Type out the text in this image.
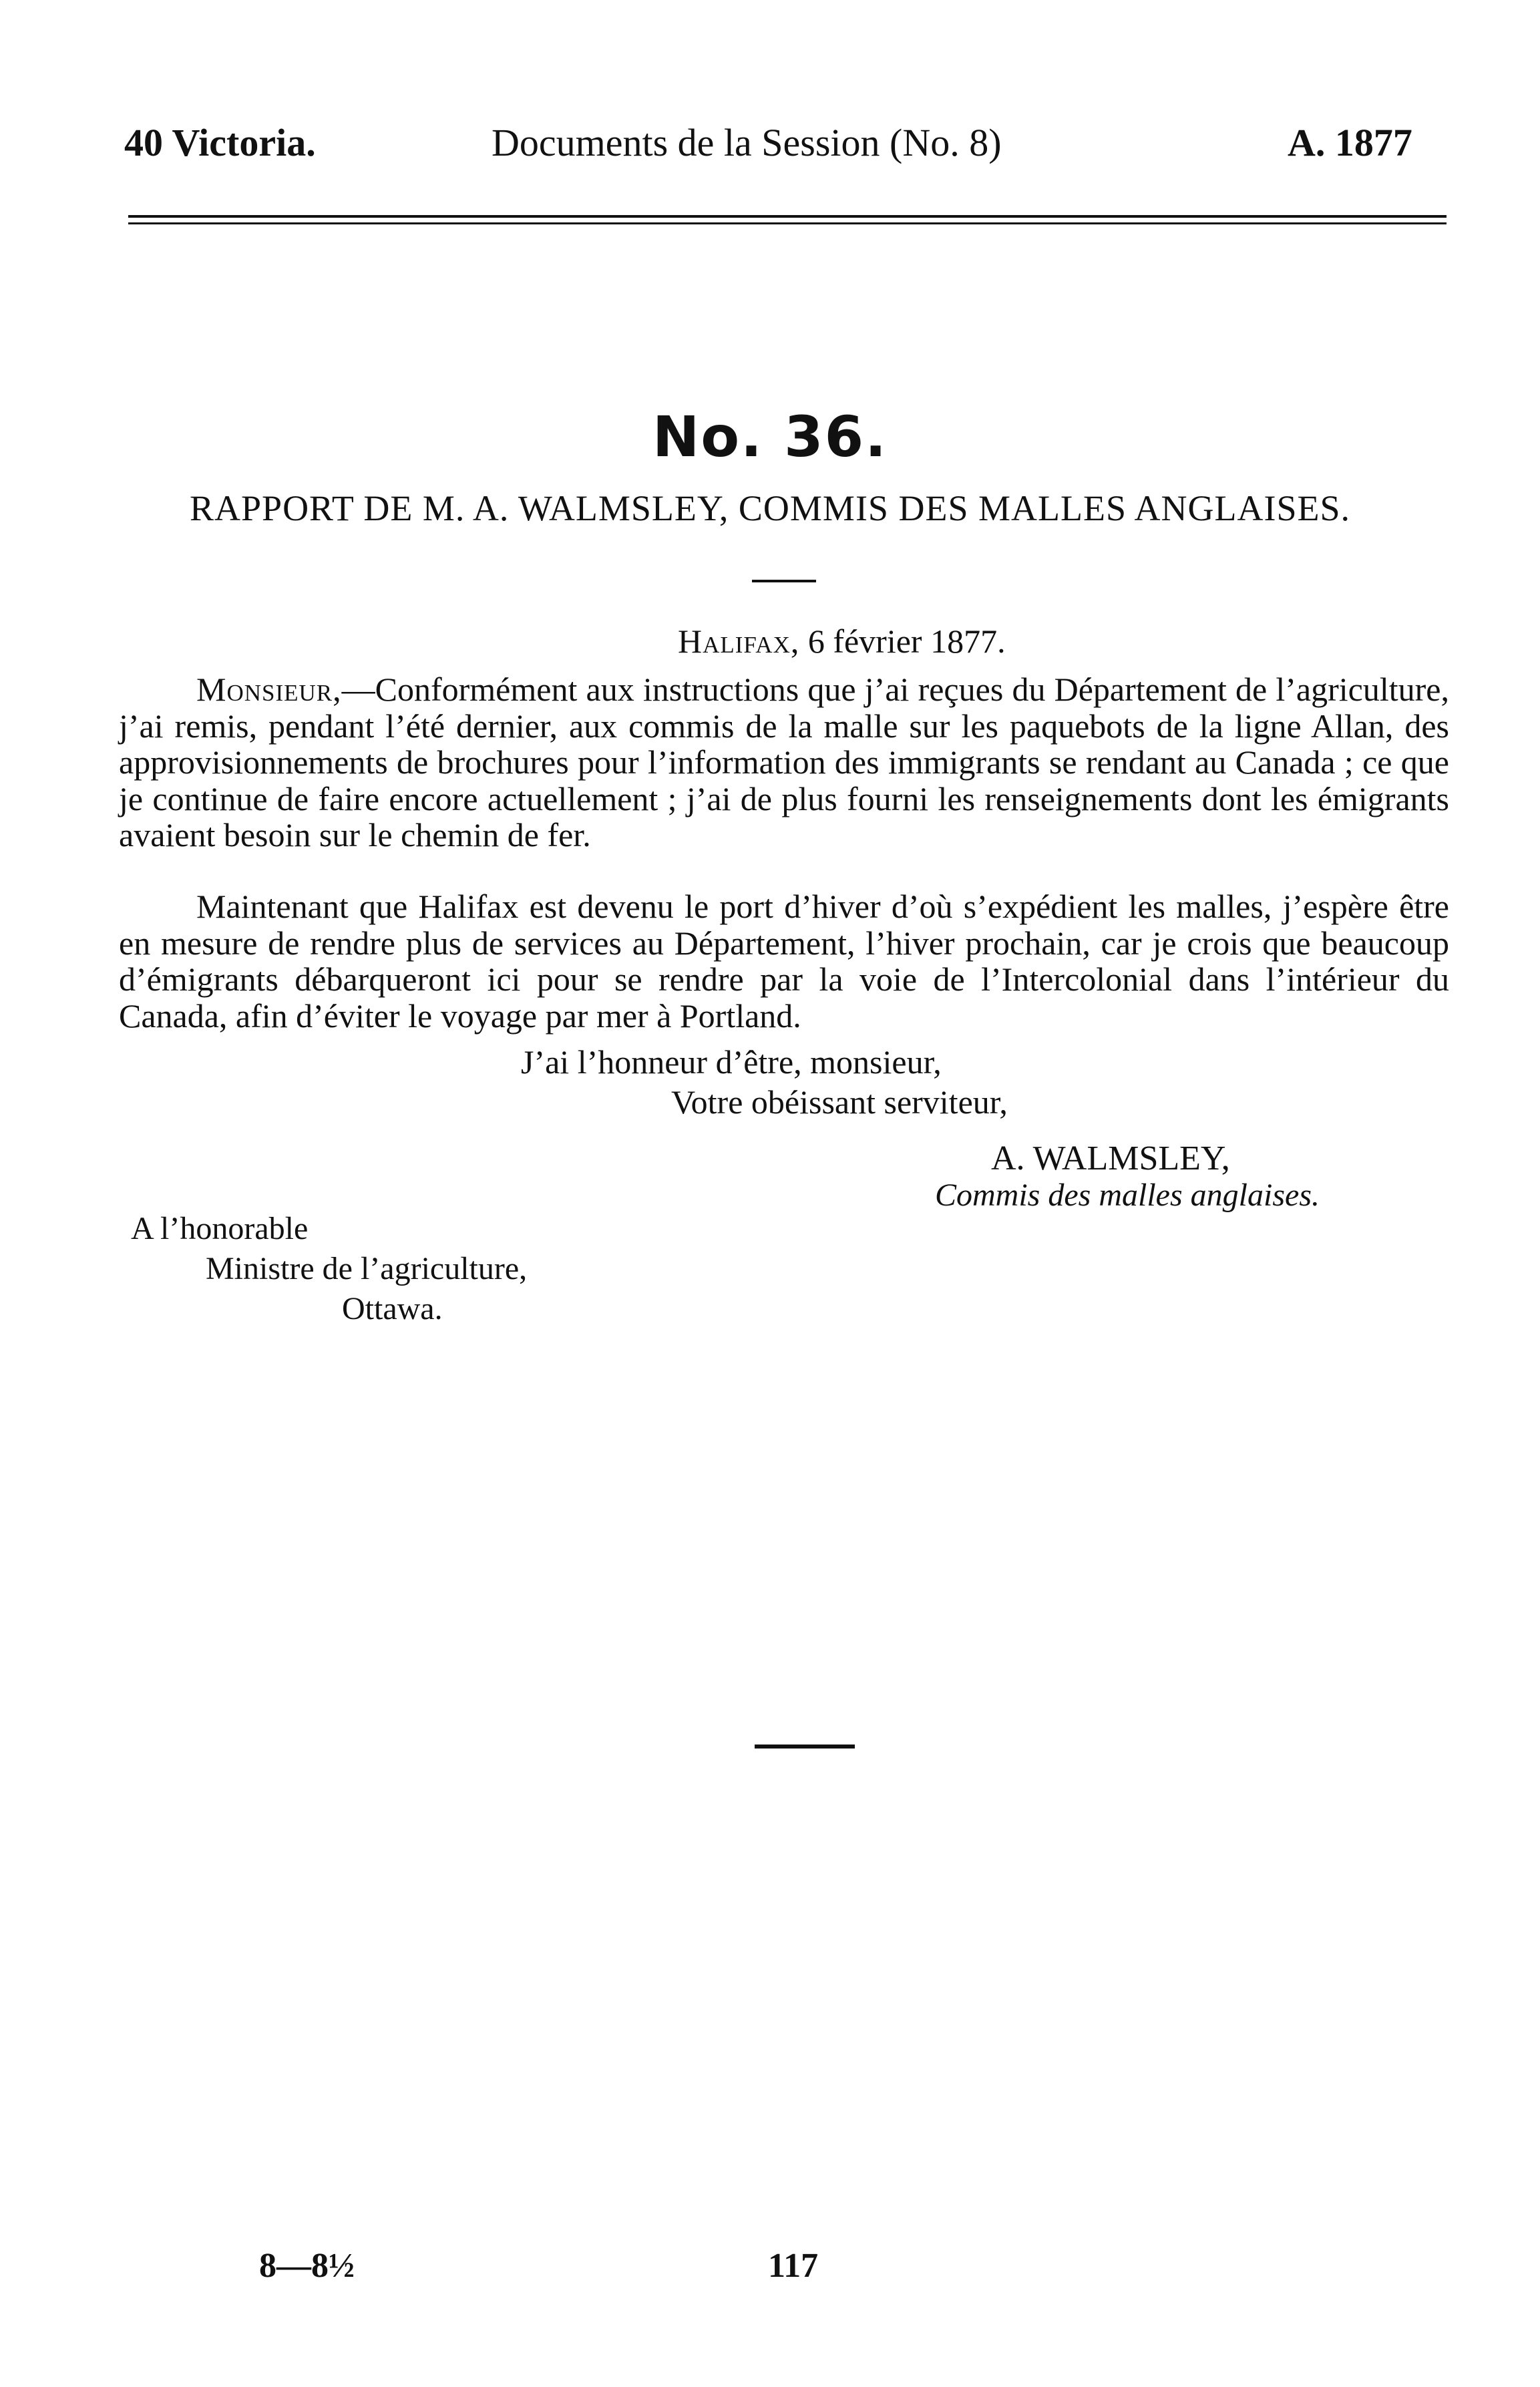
40 Victoria.	Documents de la Session (No. 8)	A. 1877
No. 36.
RAPPORT DE M. A. WALMSLEY, COMMIS DES MALLES ANGLAISES.
Halifax, 6 février 1877.

Monsieur,—Conformément aux instructions que j’ai reçues du Département de l’agriculture, j’ai remis, pendant l’été dernier, aux commis de la malle sur les paquebots de la ligne Allan, des approvisionnements de brochures pour l’information des immigrants se rendant au Canada ; ce que je continue de faire encore actuellement ; j’ai de plus fourni les renseignements dont les émigrants avaient besoin sur le chemin de fer.

Maintenant que Halifax est devenu le port d’hiver d’où s’expédient les malles, j’espère être en mesure de rendre plus de services au Département, l’hiver prochain, car je crois que beaucoup d’émigrants débarqueront ici pour se rendre par la voie de l’Intercolonial dans l’intérieur du Canada, afin d’éviter le voyage par mer à Portland.

J’ai l’honneur d’être, monsieur,
Votre obéissant serviteur,
A. WALMSLEY,
Commis des malles anglaises.
A l’honorable
Ministre de l’agriculture,
Ottawa.
8—8½	117
